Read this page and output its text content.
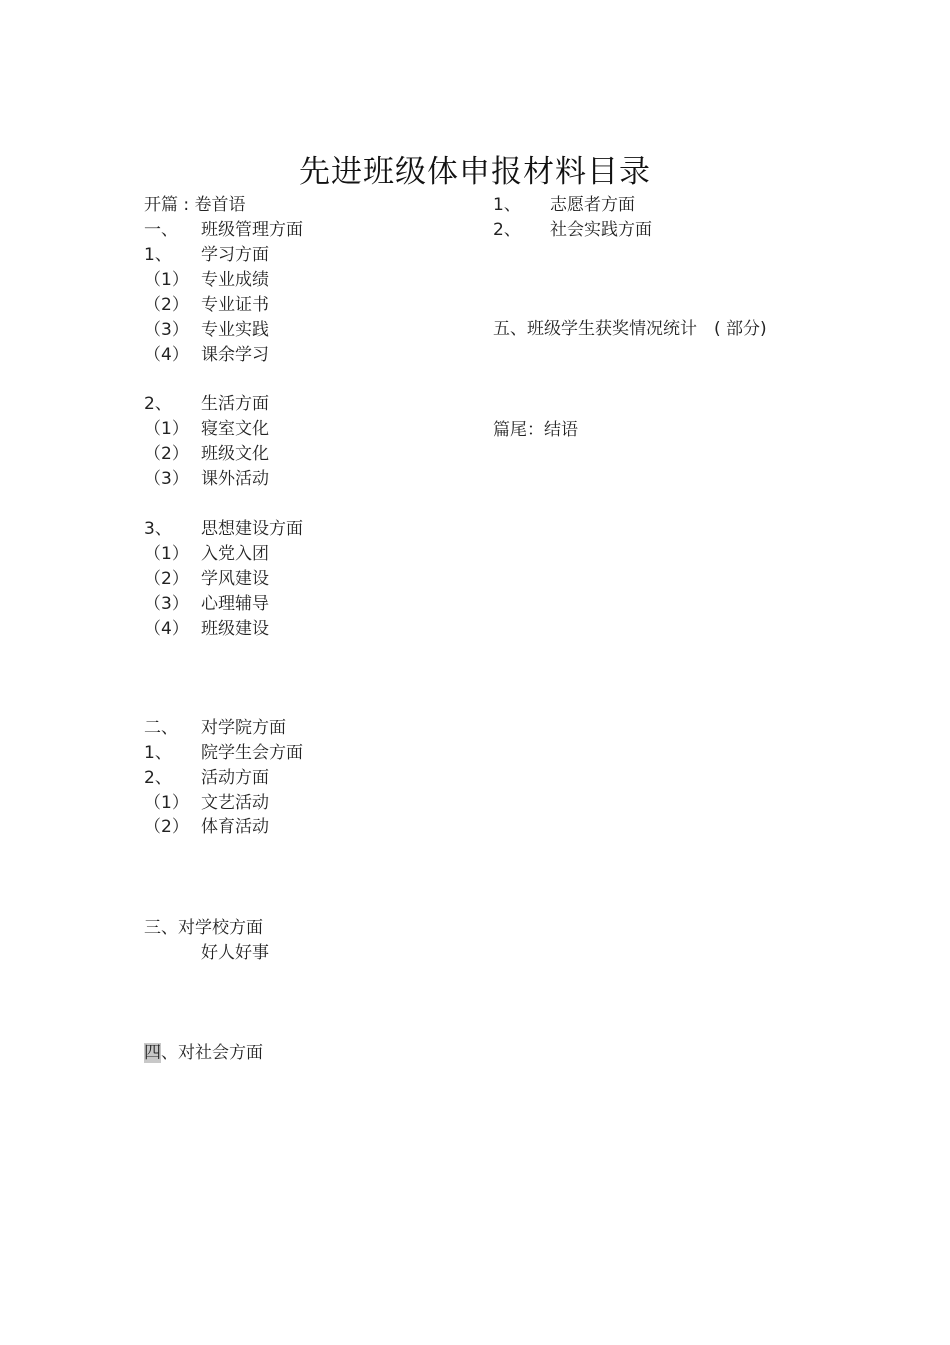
先进班级体申报材料目录
开篇 : 卷首语
一、 班级管理方面
1、 学习方面
（1） 专业成绩
（2） 专业证书
（3） 专业实践
（4） 课余学习
2、 生活方面
（1） 寝室文化
（2） 班级文化
（3） 课外活动
3、 思想建设方面
（1） 入党入团
（2） 学风建设
（3） 心理辅导
（4） 班级建设
二、 对学院方面
1、 院学生会方面
2、 活动方面
（1） 文艺活动
（2） 体育活动
三、对学校方面
好人好事
四、对社会方面
1、 志愿者方面
2、 社会实践方面
五、班级学生获奖情况统计　( 部分)
篇尾：结语
